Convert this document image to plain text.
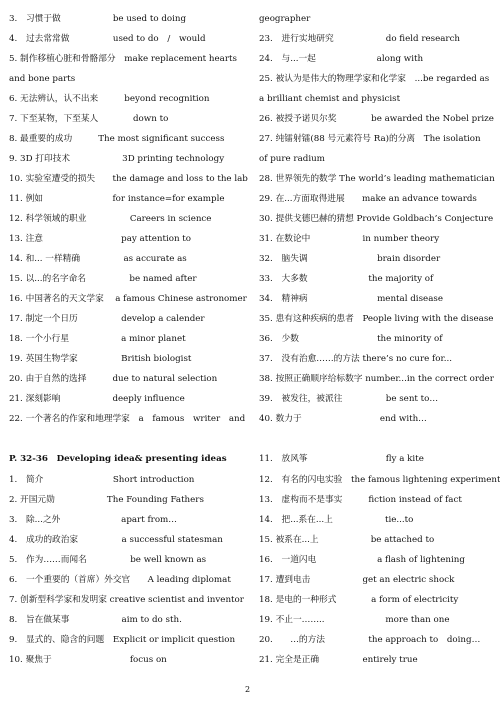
3.　习惯于做　　　　　　be used to doing
4.　过去常常做　　　　　used to do　/　would
5. 制作移植心脏和骨骼部分　make replacement hearts
and bone parts
6. 无法辨认，认不出来　　　beyond recognition
7. 下至某物，下至某人　　　　down to
8. 最重要的成功　　　The most significant success
9. 3D 打印技术　　　　　　3D printing technology
10. 实验室遭受的损失　　the damage and loss to the lab
11. 例如　　　　　　　　for instance=for example
12. 科学领域的职业　　　　　Careers in science
13. 注意　　　　　　　　　pay attention to
14. 和... 一样精确　　　　　as accurate as
15. 以...的名字命名　　　　　be named after
16. 中国著名的天文学家　 a famous Chinese astronomer
17. 制定一个日历　　　　　develop a calender
18. 一个小行星　　　　　　a minor planet
19. 英国生物学家　　　　　British biologist
20. 由于自然的选择　　　due to natural selection
21. 深刻影响　　　　　　deeply influence
22. 一个著名的作家和地理学家　a　famous　writer　and
geographer
23.　进行实地研究　　　　　　do field research
24.　与...一起　　　　　　　along with
25. 被认为是伟大的物理学家和化学家　...be regarded as
a brilliant chemist and physicist
26. 被授予诺贝尔奖　　　　be awarded the Nobel prize
27. 纯镭射镭(88 号元素符号 Ra)的分离　The isolation
of pure radium
28. 世界领先的数学 The world’s leading mathematician
29. 在...方面取得进展　　make an advance towards
30. 提供戈德巴赫的猜想 Provide Goldbach’s Conjecture
31. 在数论中　　　　　　in number theory
32.　脑失调　　　　　　　　brain disorder
33.　大多数　　　　　　　the majority of
34.　精神病　　　　　　　　mental disease
35. 患有这种疾病的患者　People living with the disease
36.　少数　　　　　　　　　the minority of
37.　没有治愈……的方法 there’s no cure for...
38. 按照正确顺序给标数字 number...in the correct order
39.　被发往，被派往　　　　　be sent to…
40. 数力于　　　　　　　　　end with…
P. 32-36　Developing idea& presenting ideas
1.　简介　　　　　　　　Short introduction
2. 开国元勋　　　　　　The Founding Fathers
3.　除...之外　　　　　　　apart from…
4.　成功的政治家　　　　　a successful statesman
5.　作为……而闻名　　　　　be well known as
6.　一个重要的（首席）外交官　　A leading diplomat
7. 创新型科学家和发明家 creative scientist and inventor
8.　旨在做某事　　　　　　aim to do sth.
9.　显式的、隐含的问题　Explicit or implicit question
10. 聚焦于　　　　　　　　　focus on
11.　放风筝　　　　　　　　　fly a kite
12.　有名的闪电实验　the famous lightening experiment
13.　虚构而不是事实　　　fiction instead of fact
14.　把...系在...上　　　　　　tie...to
15. 被系在...上　　　　　　be attached to
16.　一道闪电　　　　　　　a flash of lightening
17. 遭到电击　　　　　　get an electric shock
18. 是电的一种形式　　　　a form of electricity
19. 不止一……..　　　　　　　more than one
20.　　…的方法　　　　　the approach to　doing…
21. 完全是正确　　　　　entirely true
2
